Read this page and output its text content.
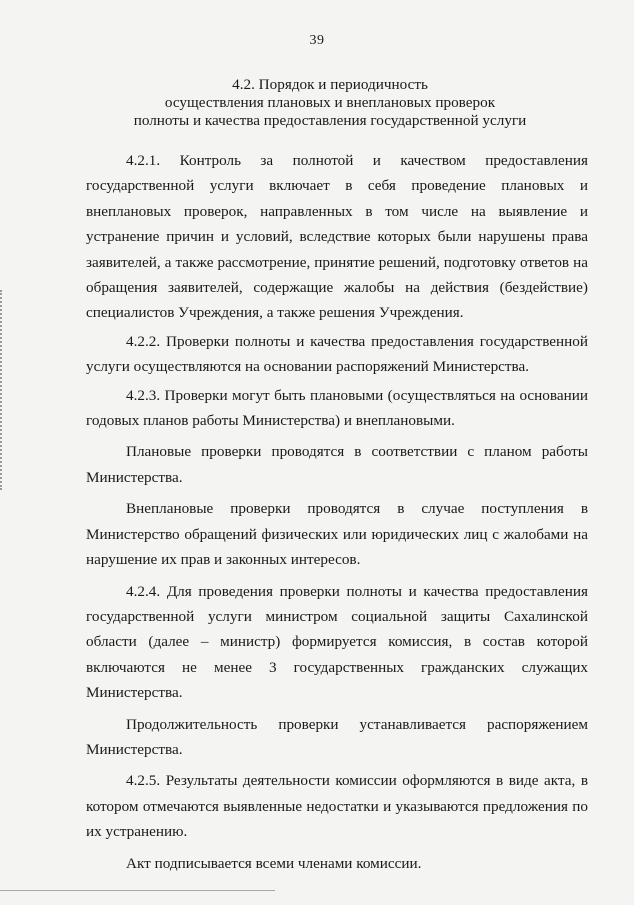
39
4.2. Порядок и периодичность
осуществления плановых и внеплановых проверок
полноты и качества предоставления государственной услуги

4.2.1. Контроль за полнотой и качеством предоставления государственной услуги включает в себя проведение плановых и внеплановых проверок, направленных в том числе на выявление и устранение причин и условий, вследствие которых были нарушены права заявителей, а также рассмотрение, принятие решений, подготовку ответов на обращения заявителей, содержащие жалобы на действия (бездействие) специалистов Учреждения, а также решения Учреждения.

4.2.2. Проверки полноты и качества предоставления государственной услуги осуществляются на основании распоряжений Министерства.

4.2.3. Проверки могут быть плановыми (осуществляться на основании годовых планов работы Министерства) и внеплановыми.

Плановые проверки проводятся в соответствии с планом работы Министерства.

Внеплановые проверки проводятся в случае поступления в Министерство обращений физических или юридических лиц с жалобами на нарушение их прав и законных интересов.

4.2.4. Для проведения проверки полноты и качества предоставления государственной услуги министром социальной защиты Сахалинской области (далее – министр) формируется комиссия, в состав которой включаются не менее 3 государственных гражданских служащих Министерства.

Продолжительность проверки устанавливается распоряжением Министерства.

4.2.5. Результаты деятельности комиссии оформляются в виде акта, в котором отмечаются выявленные недостатки и указываются предложения по их устранению.

Акт подписывается всеми членами комиссии.
